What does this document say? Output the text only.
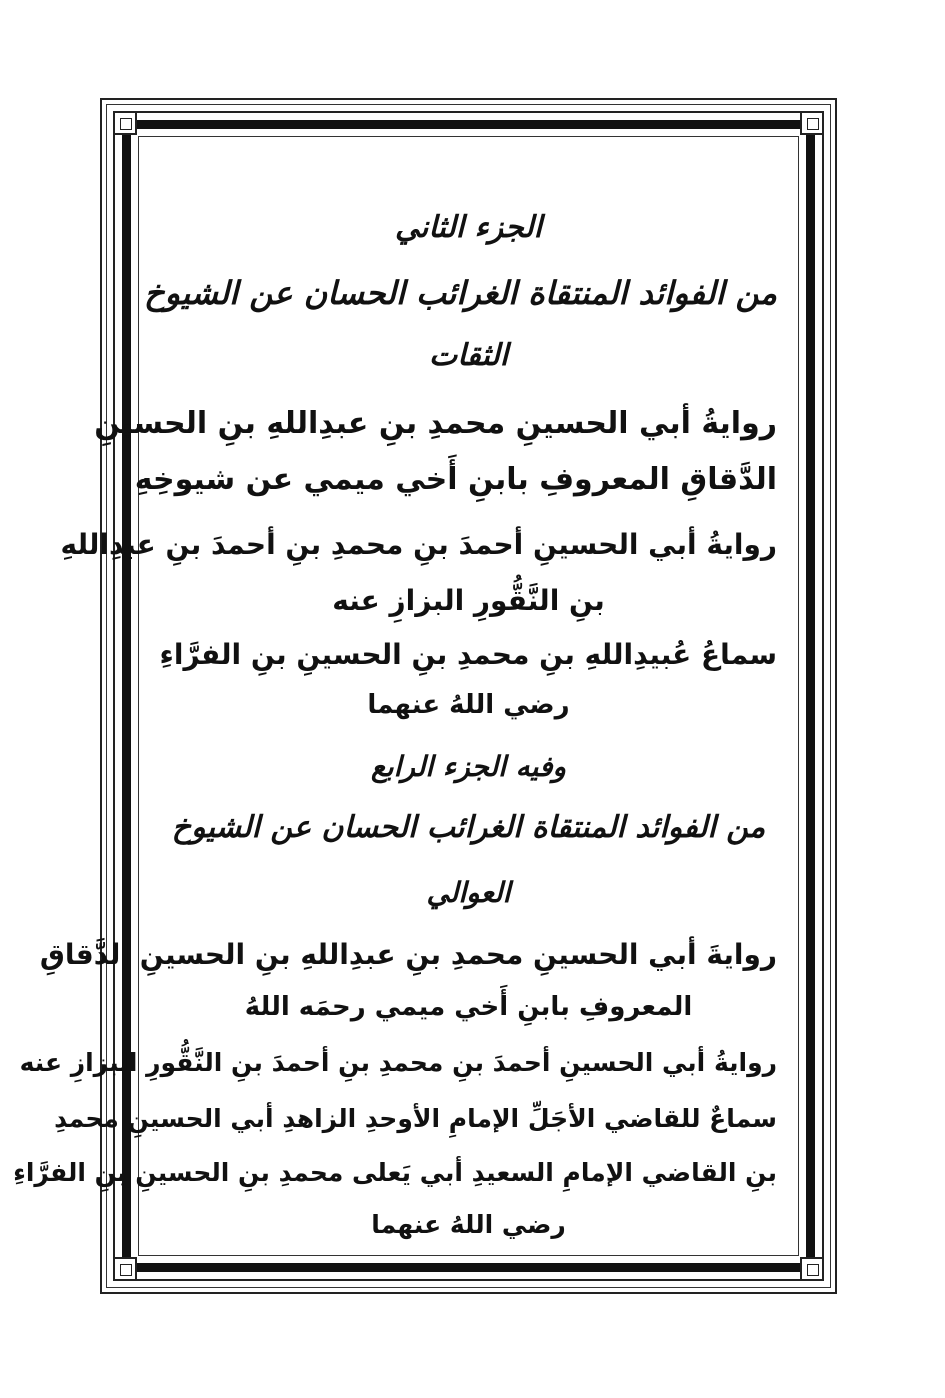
الجزء الثاني
من الفوائد المنتقاة الغرائب الحسان عن الشيوخ
الثقات
روايةُ أبي الحسينِ محمدِ بنِ عبدِاللهِ بنِ الحسينِ
الدَّقاقِ المعروفِ بابنِ أَخي ميمي عن شيوخِهِ
روايةُ أبي الحسينِ أحمدَ بنِ محمدِ بنِ أحمدَ بنِ عبدِاللهِ
بنِ النَّقُّورِ البزازِ عنه
سماعُ عُبيدِاللهِ بنِ محمدِ بنِ الحسينِ بنِ الفرَّاءِ
رضي اللهُ عنهما
وفيه الجزء الرابع
من الفوائد المنتقاة الغرائب الحسان عن الشيوخ
العوالي
روايةَ أبي الحسينِ محمدِ بنِ عبدِاللهِ بنِ الحسينِ الدَّقاقِ
المعروفِ بابنِ أَخي ميمي رحمَه اللهُ
روايةُ أبي الحسينِ أحمدَ بنِ محمدِ بنِ أحمدَ بنِ النَّقُّورِ البزازِ عنه
سماعٌ للقاضي الأجَلِّ الإمامِ الأوحدِ الزاهدِ أبي الحسينِ محمدِ
بنِ القاضي الإمامِ السعيدِ أبي يَعلى محمدِ بنِ الحسينِ بنِ الفرَّاءِ
رضي اللهُ عنهما
